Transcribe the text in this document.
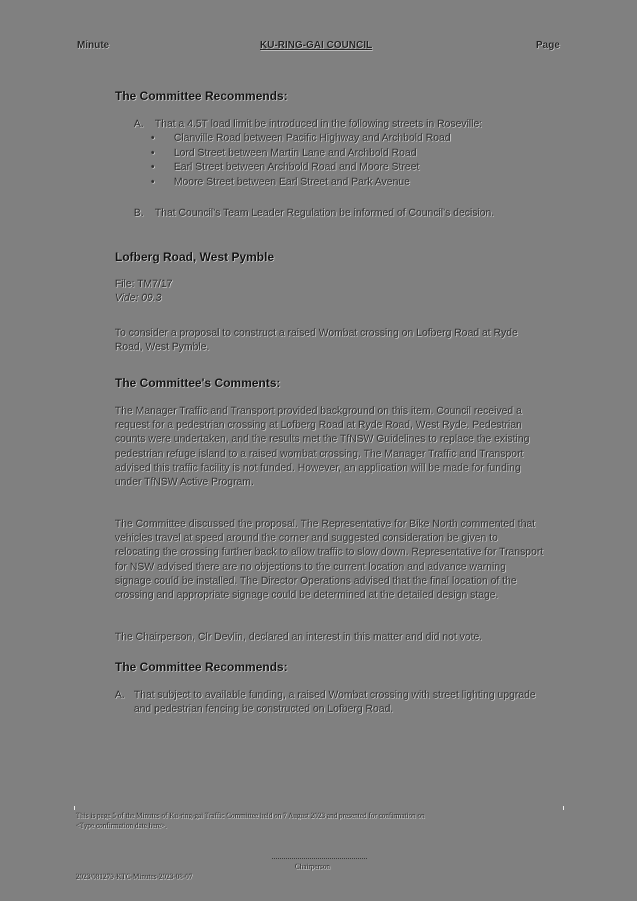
Minute	KU-RING-GAI COUNCIL	Page
The Committee Recommends:
A. That a 4.5T load limit be introduced in the following streets in Roseville:
• Clanville Road between Pacific Highway and Archbold Road
• Lord Street between Martin Lane and Archbold Road
• Earl Street between Archbold Road and Moore Street
• Moore Street between Earl Street and Park Avenue
B. That Council's Team Leader Regulation be informed of Council's decision.
Lofberg Road, West Pymble
File: TM7/17
Vide: 09.3
To consider a proposal to construct a raised Wombat crossing on Lofberg Road at Ryde Road, West Pymble.
The Committee's Comments:
The Manager Traffic and Transport provided background on this item. Council received a request for a pedestrian crossing at Lofberg Road at Ryde Road, West Ryde. Pedestrian counts were undertaken, and the results met the TfNSW Guidelines to replace the existing pedestrian refuge island to a raised wombat crossing. The Manager Traffic and Transport advised this traffic facility is not funded. However, an application will be made for funding under TfNSW Active Program.
The Committee discussed the proposal. The Representative for Bike North commented that vehicles travel at speed around the corner and suggested consideration be given to relocating the crossing further back to allow traffic to slow down. Representative for Transport for NSW advised there are no objections to the current location and advance warning signage could be installed. The Director Operations advised that the final location of the crossing and appropriate signage could be determined at the detailed design stage.
The Chairperson, Clr Devlin, declared an interest in this matter and did not vote.
The Committee Recommends:
A. That subject to available funding, a raised Wombat crossing with street lighting upgrade and pedestrian fencing be constructed on Lofberg Road.
This is page 5 of the Minutes of Ku-ring-gai Traffic Committee held on 7 August 2023 and presented for confirmation on
<Type confirmation date here>.
Chairperson
2023/081279-KTC-Minutes-2023-08-07
